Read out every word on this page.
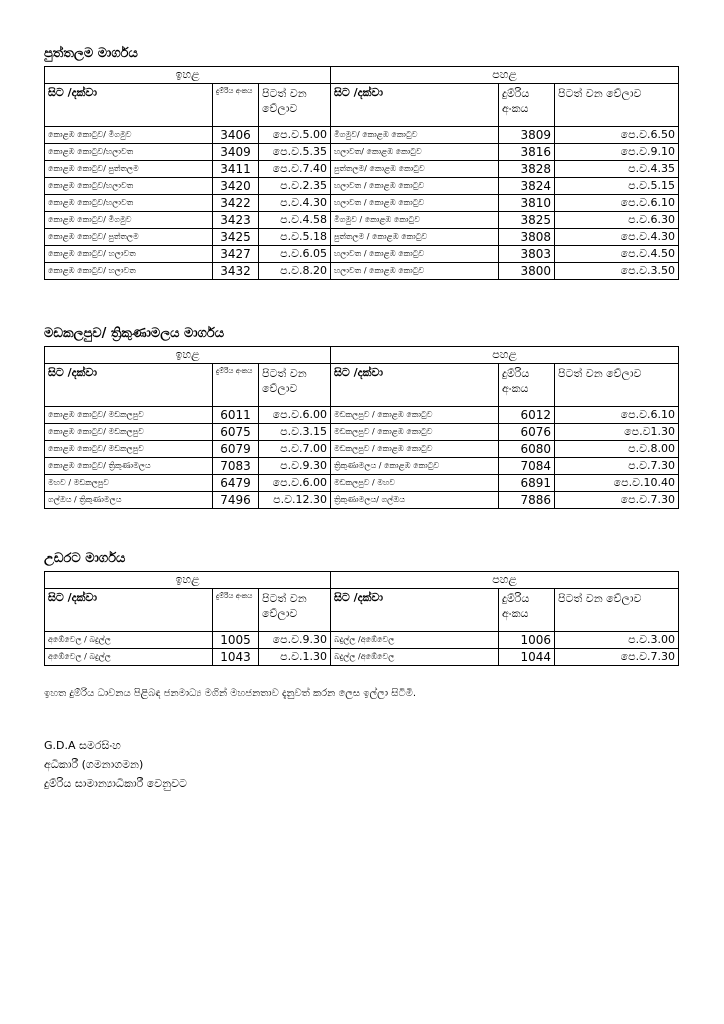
පුත්තලම මාර්ගය
ඉහළ			පහළ		
සිට /දක්වා	දුම්රිය අංකය	පිටත් වන වේලාව	සිට /දක්වා	දුම්රිය අංකය	පිටත් වන වේලාව
කොළඹ කොටුව/ මීගමුව	3406	පෙ.ව.5.00	මීගමුව/ කොළඹ කොටුව	3809	පෙ.ව.6.50
කොළඹ කොටුව/හලාවත	3409	පෙ.ව.5.35	හලාවත/ කොළඹ කොටුව	3816	පෙ.ව.9.10
කොළඹ කොටුව/ පුත්තලම	3411	පෙ.ව.7.40	පුත්තලම/ කොළඹ කොටුව	3828	ප.ව.4.35
කොළඹ කොටුව/හලාවත	3420	ප.ව.2.35	හලාවත / කොළඹ කොටුව	3824	ප.ව.5.15
කොළඹ කොටුව/හලාවත	3422	ප.ව.4.30	හලාවත / කොළඹ කොටුව	3810	පෙ.ව.6.10
කොළඹ කොටුව/ මීගමුව	3423	ප.ව.4.58	මීගමුව / කොළඹ කොටුව	3825	ප.ව.6.30
කොළඹ කොටුව/ පුත්තලම	3425	ප.ව.5.18	පුත්තලම / කොළඹ කොටුව	3808	පෙ.ව.4.30
කොළඹ කොටුව/ හලාවත	3427	ප.ව.6.05	හලාවත / කොළඹ කොටුව	3803	පෙ.ව.4.50
කොළඹ කොටුව/ හලාවත	3432	ප.ව.8.20	හලාවත / කොළඹ කොටුව	3800	පෙ.ව.3.50
මඩකලපුව/ ත්‍රිකුණාමලය මාර්ගය
ඉහළ			පහළ		
සිට /දක්වා	දුම්රිය අංකය	පිටත් වන වේලාව	සිට /දක්වා	දුම්රිය අංකය	පිටත් වන වේලාව
කොළඹ කොටුව/ මඩකලපුව	6011	පෙ.ව.6.00	මඩකලපුව / කොළඹ කොටුව	6012	පෙ.ව.6.10
කොළඹ කොටුව/ මඩකලපුව	6075	ප.ව.3.15	මඩකලපුව / කොළඹ කොටුව	6076	පෙ.ව1.30
කොළඹ කොටුව/ මඩකලපුව	6079	ප.ව.7.00	මඩකලපුව / කොළඹ කොටුව	6080	ප.ව.8.00
කොළඹ කොටුව/ ත්‍රිකුණාමලය	7083	ප.ව.9.30	ත්‍රිකුණාමලය / කොළඹ කොටුව	7084	ප.ව.7.30
මහව / මඩකලපුව	6479	පෙ.ව.6.00	මඩකලපුව / මහව	6891	පෙ.ව.10.40
ගල්ඔය / ත්‍රිකුණාමලය	7496	ප.ව.12.30	ත්‍රිකුණාමලය/ ගල්ඔය	7886	පෙ.ව.7.30
උඩරට මාර්ගය
ඉහළ			පහළ		
සිට /දක්වා	දුම්රිය අංකය	පිටත් වන වේලාව	සිට /දක්වා	දුම්රිය අංකය	පිටත් වන වේලාව
අඹේවෙල / බදුල්ල	1005	පෙ.ව.9.30	බදුල්ල /අඹේවෙල	1006	ප.ව.3.00
අඹේවෙල / බදුල්ල	1043	ප.ව.1.30	බදුල්ල /අඹේවෙල	1044	පෙ.ව.7.30
ඉහත දුම්රිය ධාවනය පිළිබඳ ජනමාධ්‍ය මගින් මහජනතාව දැනුවත් කරන ලෙස ඉල්ලා සිටිමි.
G.D.A සමරසිංහ
අධිකාරී (ගමනාගමන)
දුම්රිය සාමාන්‍යාධිකාරී වෙනුවට
